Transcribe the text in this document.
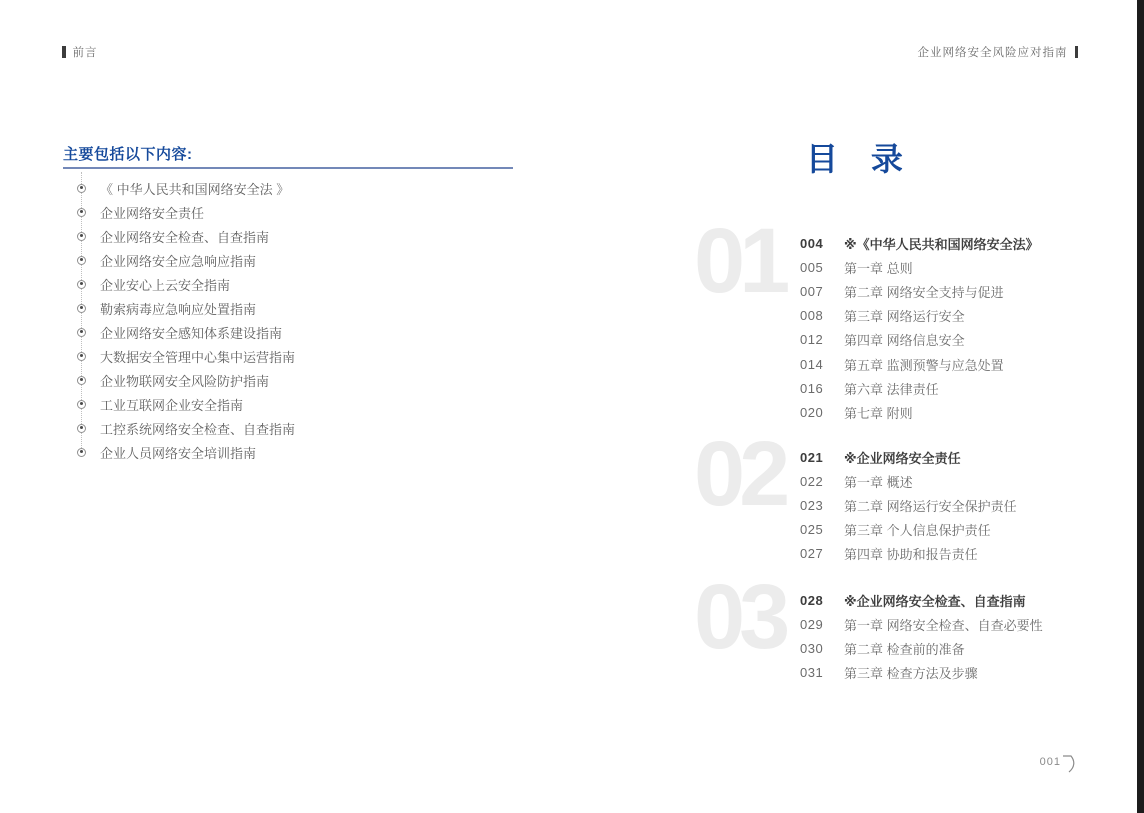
前言	企业网络安全风险应对指南
主要包括以下内容:
《 中华人民共和国网络安全法 》
企业网络安全责任
企业网络安全检查、自查指南
企业网络安全应急响应指南
企业安心上云安全指南
勒索病毒应急响应处置指南
企业网络安全感知体系建设指南
大数据安全管理中心集中运营指南
企业物联网安全风险防护指南
工业互联网企业安全指南
工控系统网络安全检查、自查指南
企业人员网络安全培训指南
目 录
01
02
03
004	※《中华人民共和国网络安全法》
005	第一章 总则
007	第二章 网络安全支持与促进
008	第三章 网络运行安全
012	第四章 网络信息安全
014	第五章 监测预警与应急处置
016	第六章 法律责任
020	第七章 附则
021	※企业网络安全责任
022	第一章 概述
023	第二章 网络运行安全保护责任
025	第三章 个人信息保护责任
027	第四章 协助和报告责任
028	※企业网络安全检查、自查指南
029	第一章 网络安全检查、自查必要性
030	第二章 检查前的准备
031	第三章 检查方法及步骤
001
